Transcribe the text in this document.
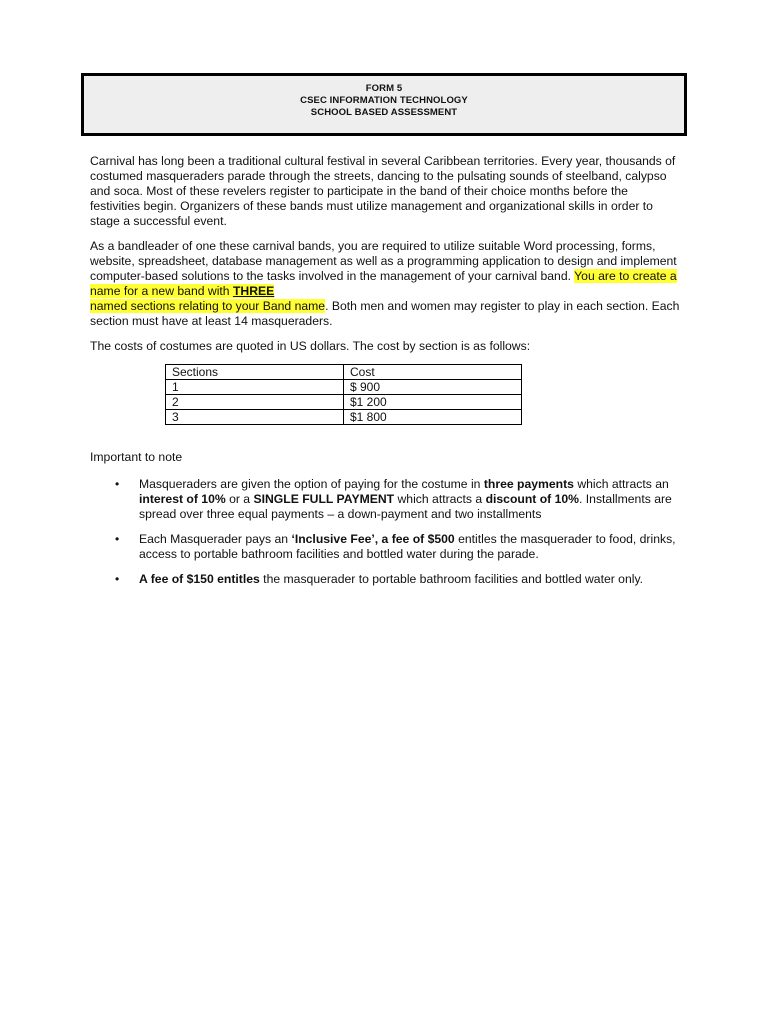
FORM 5
CSEC INFORMATION TECHNOLOGY
SCHOOL BASED ASSESSMENT

Carnival has long been a traditional cultural festival in several Caribbean territories. Every year, thousands of costumed masqueraders parade through the streets, dancing to the pulsating sounds of steelband, calypso and soca. Most of these revelers register to participate in the band of their choice months before the festivities begin. Organizers of these bands must utilize management and organizational skills in order to stage a successful event.

As a bandleader of one these carnival bands, you are required to utilize suitable Word processing, forms, website, spreadsheet, database management as well as a programming application to design and implement computer-based solutions to the tasks involved in the management of your carnival band. You are to create a name for a new band with THREE
named sections relating to your Band name. Both men and women may register to play in each section. Each section must have at least 14 masqueraders.

The costs of costumes are quoted in US dollars. The cost by section is as follows:

Sections	Cost
1	$ 900
2	$1 200
3	$1 800

Important to note

• Masqueraders are given the option of paying for the costume in three payments which attracts an interest of 10% or a SINGLE FULL PAYMENT which attracts a discount of 10%. Installments are spread over three equal payments – a down-payment and two installments
• Each Masquerader pays an ‘Inclusive Fee’, a fee of $500 entitles the masquerader to food, drinks, access to portable bathroom facilities and bottled water during the parade.
• A fee of $150 entitles the masquerader to portable bathroom facilities and bottled water only.
